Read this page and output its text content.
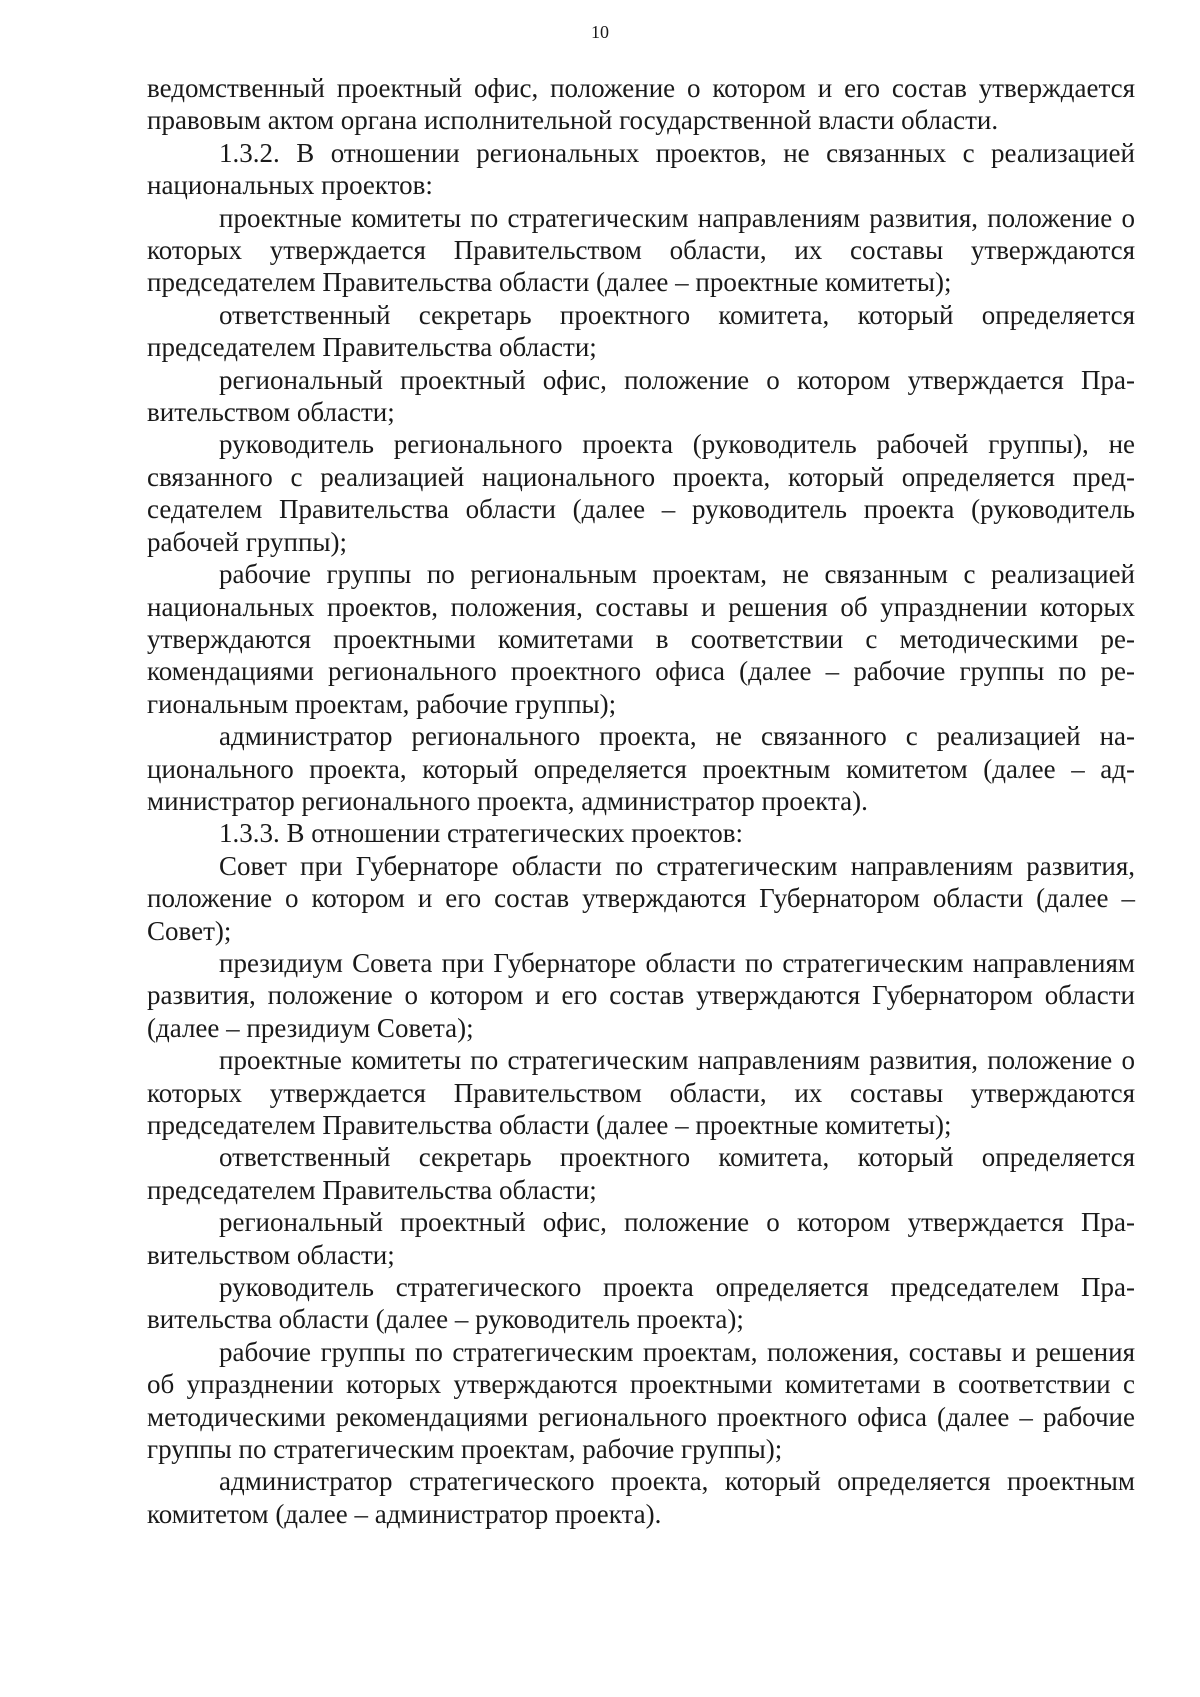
10

ведомственный проектный офис, положение о котором и его состав утверждается правовым актом органа исполнительной государственной власти области.

1.3.2. В отношении региональных проектов, не связанных с реализацией национальных проектов:

проектные комитеты по стратегическим направлениям развития, положение о которых утверждается Правительством области, их составы утверждаются председателем Правительства области (далее – проектные комитеты);

ответственный секретарь проектного комитета, который определяется председателем Правительства области;

региональный проектный офис, положение о котором утверждается Правительством области;

руководитель регионального проекта (руководитель рабочей группы), не связанного с реализацией национального проекта, который определяется председателем Правительства области (далее – руководитель проекта (руководитель рабочей группы);

рабочие группы по региональным проектам, не связанным с реализацией национальных проектов, положения, составы и решения об упразднении которых утверждаются проектными комитетами в соответствии с методическими рекомендациями регионального проектного офиса (далее – рабочие группы по региональным проектам, рабочие группы);

администратор регионального проекта, не связанного с реализацией национального проекта, который определяется проектным комитетом (далее – администратор регионального проекта, администратор проекта).

1.3.3. В отношении стратегических проектов:

Совет при Губернаторе области по стратегическим направлениям развития, положение о котором и его состав утверждаются Губернатором области (далее – Совет);

президиум Совета при Губернаторе области по стратегическим направлениям развития, положение о котором и его состав утверждаются Губернатором области (далее – президиум Совета);

проектные комитеты по стратегическим направлениям развития, положение о которых утверждается Правительством области, их составы утверждаются председателем Правительства области (далее – проектные комитеты);

ответственный секретарь проектного комитета, который определяется председателем Правительства области;

региональный проектный офис, положение о котором утверждается Правительством области;

руководитель стратегического проекта определяется председателем Правительства области (далее – руководитель проекта);

рабочие группы по стратегическим проектам, положения, составы и решения об упразднении которых утверждаются проектными комитетами в соответствии с методическими рекомендациями регионального проектного офиса (далее – рабочие группы по стратегическим проектам, рабочие группы);

администратор стратегического проекта, который определяется проектным комитетом (далее – администратор проекта).
